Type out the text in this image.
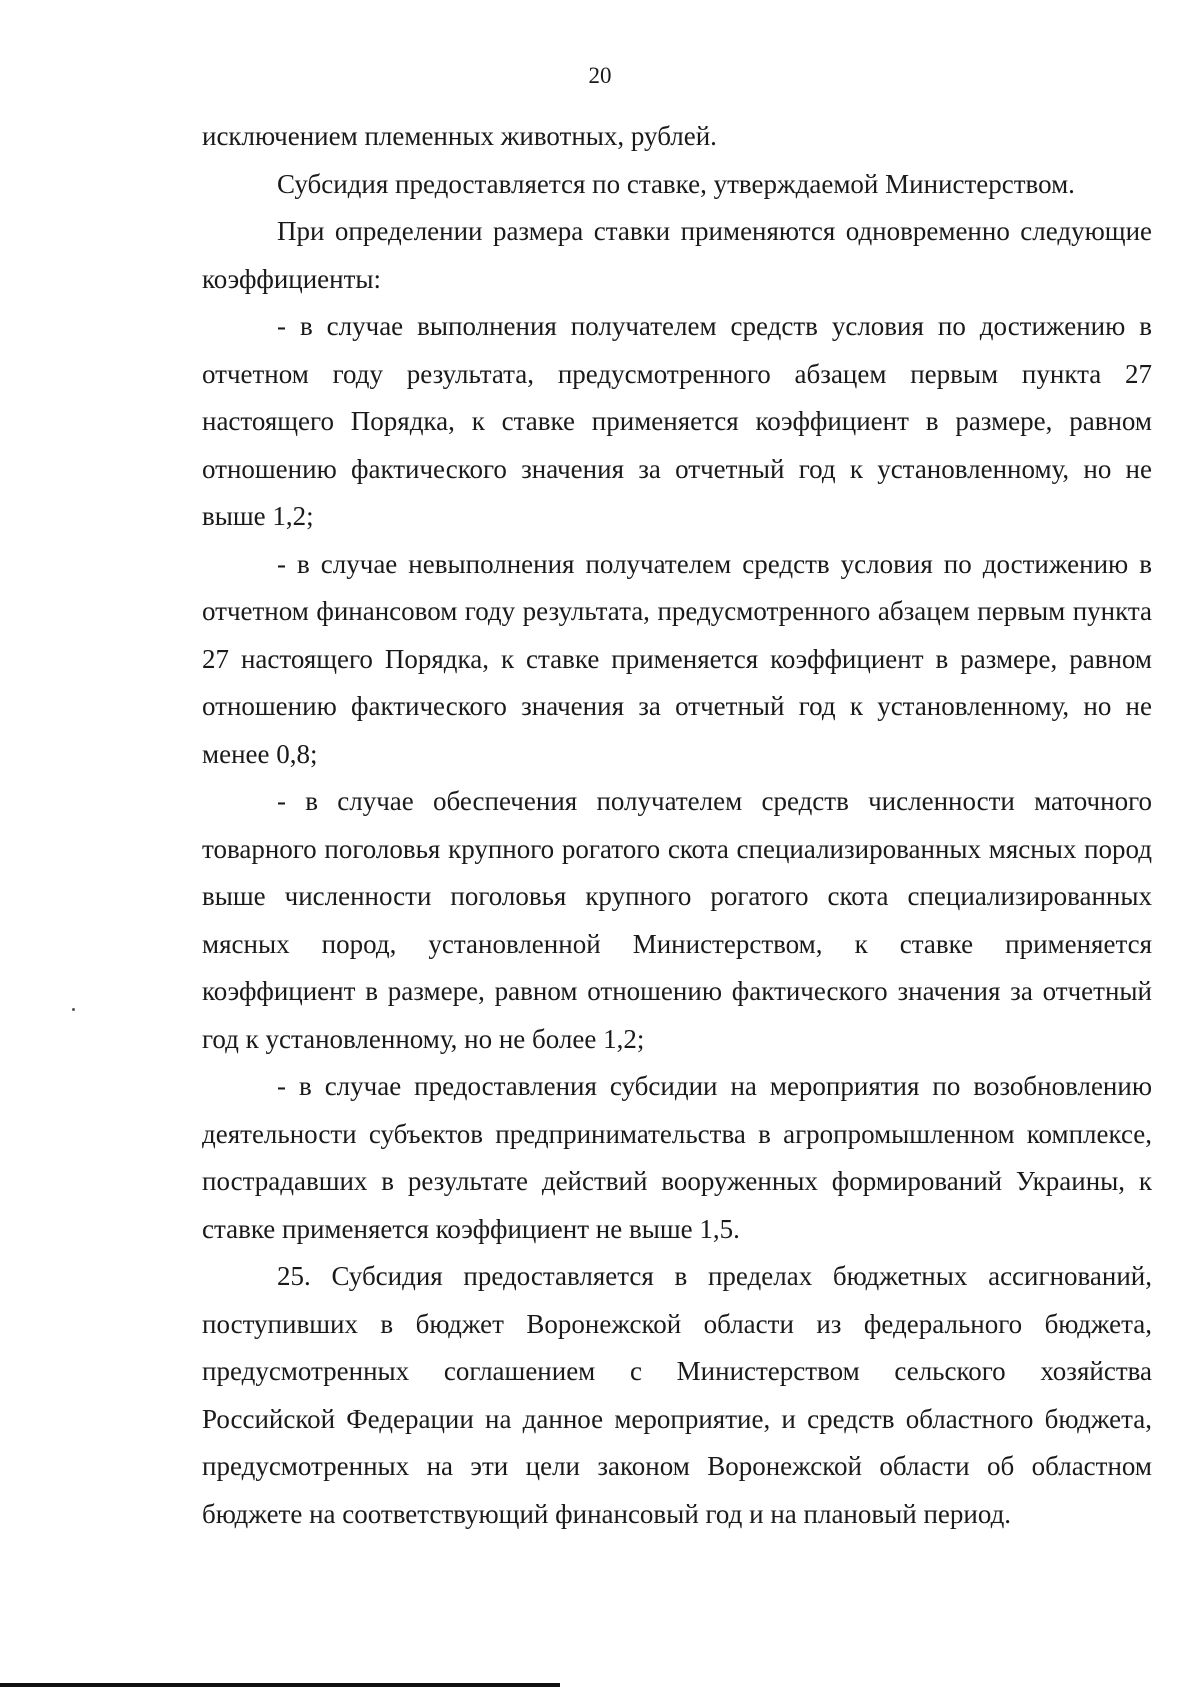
20

исключением племенных животных, рублей.

Субсидия предоставляется по ставке, утверждаемой Министерством.

При определении размера ставки применяются одновременно следующие коэффициенты:

- в случае выполнения получателем средств условия по достижению в отчетном году результата, предусмотренного абзацем первым пункта 27 настоящего Порядка, к ставке применяется коэффициент в размере, равном отношению фактического значения за отчетный год к установленному, но не выше 1,2;

- в случае невыполнения получателем средств условия по достижению в отчетном финансовом году результата, предусмотренного абзацем первым пункта 27 настоящего Порядка, к ставке применяется коэффициент в размере, равном отношению фактического значения за отчетный год к установленному, но не менее 0,8;

- в случае обеспечения получателем средств численности маточного товарного поголовья крупного рогатого скота специализированных мясных пород выше численности поголовья крупного рогатого скота специализированных мясных пород, установленной Министерством, к ставке применяется коэффициент в размере, равном отношению фактического значения за отчетный год к установленному, но не более 1,2;

- в случае предоставления субсидии на мероприятия по возобновлению деятельности субъектов предпринимательства в агропромышленном комплексе, пострадавших в результате действий вооруженных формирований Украины, к ставке применяется коэффициент не выше 1,5.

25. Субсидия предоставляется в пределах бюджетных ассигнований, поступивших в бюджет Воронежской области из федерального бюджета, предусмотренных соглашением с Министерством сельского хозяйства Российской Федерации на данное мероприятие, и средств областного бюджета, предусмотренных на эти цели законом Воронежской области об областном бюджете на соответствующий финансовый год и на плановый период.
